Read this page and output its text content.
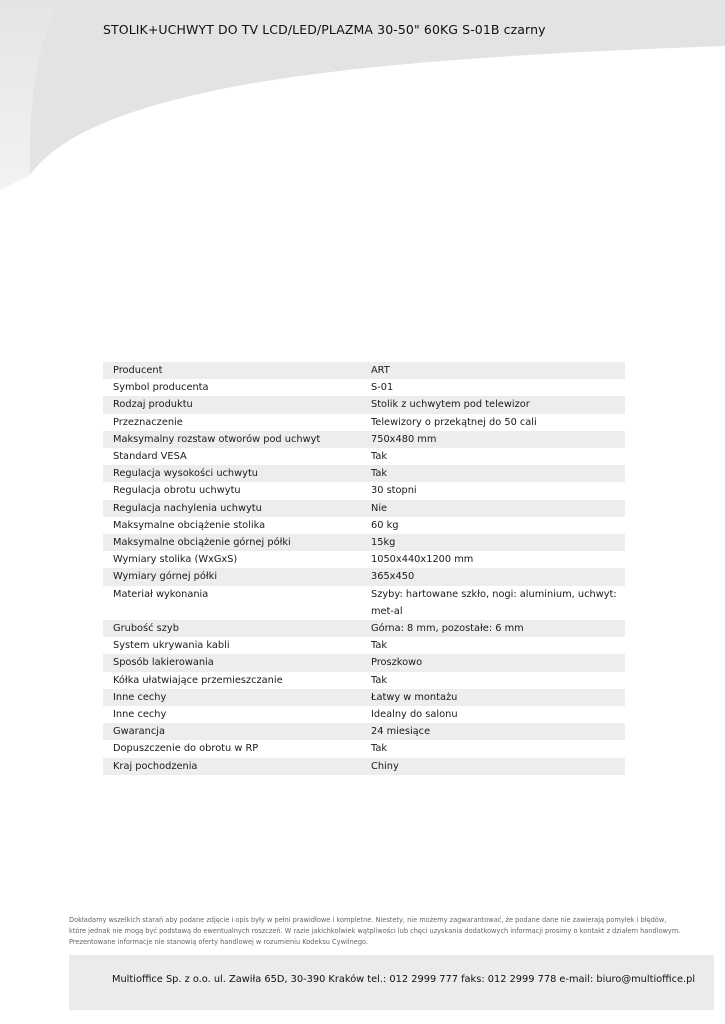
STOLIK+UCHWYT DO TV LCD/LED/PLAZMA 30-50" 60KG S-01B czarny
Producent	ART
Symbol producenta	S-01
Rodzaj produktu	Stolik z uchwytem pod telewizor
Przeznaczenie	Telewizory o przekątnej do 50 cali
Maksymalny rozstaw otworów pod uchwyt	750x480 mm
Standard VESA	Tak
Regulacja wysokości uchwytu	Tak
Regulacja obrotu uchwytu	30 stopni
Regulacja nachylenia uchwytu	Nie
Maksymalne obciążenie stolika	60 kg
Maksymalne obciążenie górnej półki	15kg
Wymiary stolika (WxGxS)	1050x440x1200 mm
Wymiary górnej półki	365x450
Materiał wykonania	Szyby: hartowane szkło, nogi: aluminium, uchwyt: met-al
Grubość szyb	Górna: 8 mm, pozostałe: 6 mm
System ukrywania kabli	Tak
Sposób lakierowania	Proszkowo
Kółka ułatwiające przemieszczanie	Tak
Inne cechy	Łatwy w montażu
Inne cechy	Idealny do salonu
Gwarancja	24 miesiące
Dopuszczenie do obrotu w RP	Tak
Kraj pochodzenia	Chiny
Dokładamy wszelkich starań aby podane zdjęcie i opis były w pełni prawidłowe i kompletne. Niestety, nie możemy zagwarantować, że podane dane nie zawierają pomyłek i błędów,
które jednak nie mogą być podstawą do ewentualnych roszczeń. W razie jakichkolwiek wątpliwości lub chęci uzyskania dodatkowych informacji prosimy o kontakt z działem handlowym.
Prezentowane informacje nie stanowią oferty handlowej w rozumieniu Kodeksu Cywilnego.
Multioffice Sp. z o.o. ul. Zawiła 65D, 30-390 Kraków tel.: 012 2999 777 faks: 012 2999 778 e-mail: biuro@multioffice.pl
